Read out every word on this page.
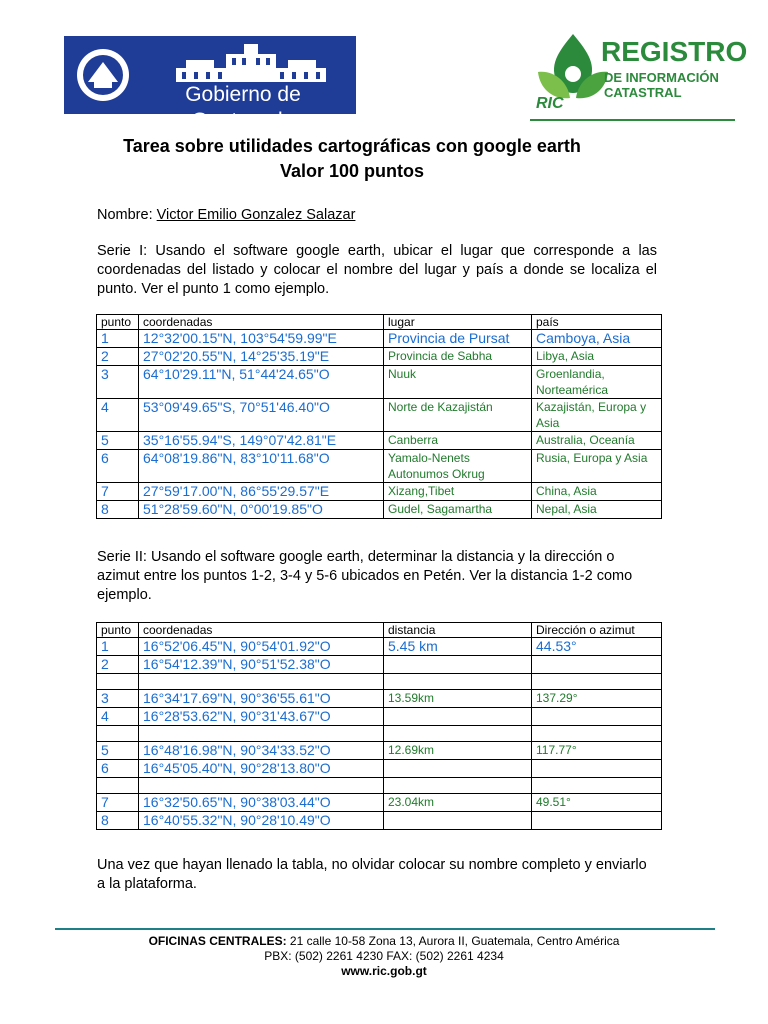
Gobierno de Guatemala
RIC
REGISTRO
DE INFORMACIÓN
CATASTRAL
Tarea sobre utilidades cartográficas con google earth
Valor 100 puntos
Nombre: Victor Emilio Gonzalez Salazar
Serie I: Usando el software google earth, ubicar el lugar que corresponde a las coordenadas del listado y colocar el nombre del lugar y país a donde se localiza el punto. Ver el punto 1 como ejemplo.
punto	coordenadas	lugar	país
1	12°32'00.15"N, 103°54'59.99"E	Provincia de Pursat	Camboya, Asia
2	27°02'20.55"N, 14°25'35.19"E	Provincia de Sabha	Libya, Asia
3	64°10'29.11"N, 51°44'24.65"O	Nuuk	Groenlandia, Norteamérica
4	53°09'49.65"S, 70°51'46.40"O	Norte de Kazajistán	Kazajistán, Europa y Asia
5	35°16'55.94"S, 149°07'42.81"E	Canberra	Australia, Oceanía
6	64°08'19.86"N, 83°10'11.68"O	Yamalo-Nenets Autonumos Okrug	Rusia, Europa y Asia
7	27°59'17.00"N, 86°55'29.57"E	Xizang,Tibet	China, Asia
8	51°28'59.60"N, 0°00'19.85"O	Gudel, Sagamartha	Nepal, Asia
Serie II: Usando el software google earth, determinar la distancia y la dirección o azimut entre los puntos 1-2, 3-4 y 5-6 ubicados en Petén. Ver la distancia 1-2 como ejemplo.
punto	coordenadas	distancia	Dirección o azimut
1	16°52'06.45"N, 90°54'01.92"O	5.45 km	44.53°
2	16°54'12.39"N, 90°51'52.38"O		

3	16°34'17.69"N, 90°36'55.61"O	13.59km	137.29°
4	16°28'53.62"N, 90°31'43.67"O		

5	16°48'16.98"N, 90°34'33.52"O	12.69km	117.77°
6	16°45'05.40"N, 90°28'13.80"O		

7	16°32'50.65"N, 90°38'03.44"O	23.04km	49.51°
8	16°40'55.32"N, 90°28'10.49"O		
Una vez que hayan llenado la tabla, no olvidar colocar su nombre completo y enviarlo a la plataforma.
OFICINAS CENTRALES: 21 calle 10-58 Zona 13, Aurora II, Guatemala, Centro América
PBX: (502) 2261 4230 FAX: (502) 2261 4234
www.ric.gob.gt
